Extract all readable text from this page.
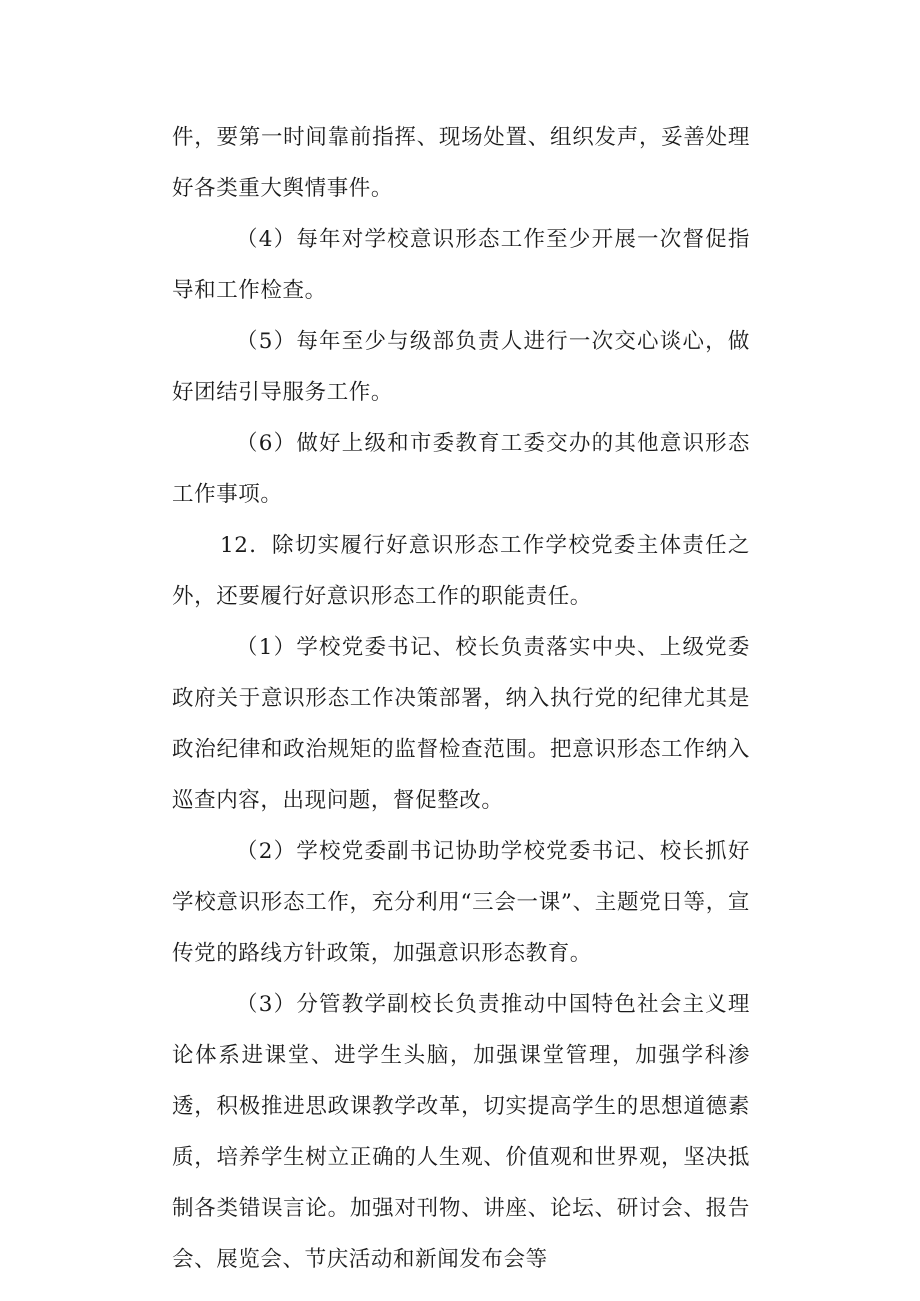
件，要第一时间靠前指挥、现场处置、组织发声，妥善处理好各类重大舆情事件。

（4）每年对学校意识形态工作至少开展一次督促指导和工作检查。

（5）每年至少与级部负责人进行一次交心谈心，做好团结引导服务工作。

（6）做好上级和市委教育工委交办的其他意识形态工作事项。

12．除切实履行好意识形态工作学校党委主体责任之外，还要履行好意识形态工作的职能责任。

（1）学校党委书记、校长负责落实中央、上级党委政府关于意识形态工作决策部署，纳入执行党的纪律尤其是政治纪律和政治规矩的监督检查范围。把意识形态工作纳入巡查内容，出现问题，督促整改。

（2）学校党委副书记协助学校党委书记、校长抓好学校意识形态工作，充分利用“三会一课”、主题党日等，宣传党的路线方针政策，加强意识形态教育。

（3）分管教学副校长负责推动中国特色社会主义理论体系进课堂、进学生头脑，加强课堂管理，加强学科渗透，积极推进思政课教学改革，切实提高学生的思想道德素质，培养学生树立正确的人生观、价值观和世界观，坚决抵制各类错误言论。加强对刊物、讲座、论坛、研讨会、报告会、展览会、节庆活动和新闻发布会等
